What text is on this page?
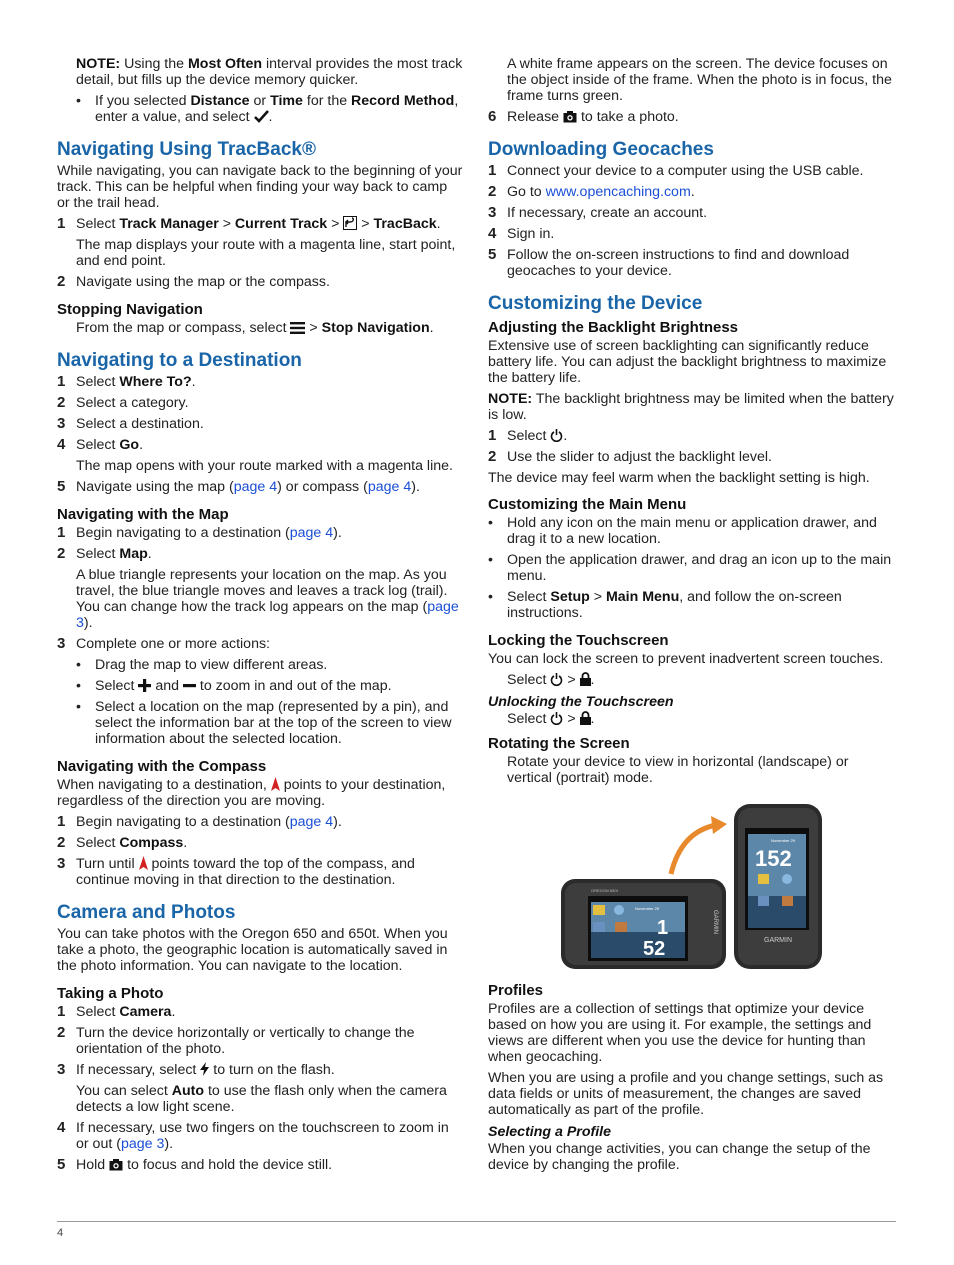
NOTE: Using the Most Often interval provides the most track detail, but fills up the device memory quicker.

• If you selected Distance or Time for the Record Method, enter a value, and select .
Navigating Using TracBack®

While navigating, you can navigate back to the beginning of your track. This can be helpful when finding your way back to camp or the trail head.

1 Select Track Manager > Current Track >  > TracBack.

The map displays your route with a magenta line, start point, and end point.

2 Navigate using the map or the compass.
Stopping Navigation

From the map or compass, select  > Stop Navigation.

Navigating to a Destination
1 Select Where To?.
2 Select a category.
3 Select a destination.
4 Select Go.

The map opens with your route marked with a magenta line.

5 Navigate using the map (page 4) or compass (page 4).
Navigating with the Map
1 Begin navigating to a destination (page 4).
2 Select Map.

A blue triangle represents your location on the map. As you travel, the blue triangle moves and leaves a track log (trail). You can change how the track log appears on the map (page 3).

3 Complete one or more actions:
• Drag the map to view different areas.
• Select  and  to zoom in and out of the map.
• Select a location on the map (represented by a pin), and select the information bar at the top of the screen to view information about the selected location.
Navigating with the Compass

When navigating to a destination,  points to your destination, regardless of the direction you are moving.

1 Begin navigating to a destination (page 4).
2 Select Compass.
3 Turn until  points toward the top of the compass, and continue moving in that direction to the destination.
Camera and Photos

You can take photos with the Oregon 650 and 650t. When you take a photo, the geographic location is automatically saved in the photo information. You can navigate to the location.

Taking a Photo
1 Select Camera.
2 Turn the device horizontally or vertically to change the orientation of the photo.
3 If necessary, select  to turn on the flash.

You can select Auto to use the flash only when the camera detects a low light scene.

4 If necessary, use two fingers on the touchscreen to zoom in or out (page 3).
5 Hold  to focus and hold the device still.

A white frame appears on the screen. The device focuses on the object inside of the frame. When the photo is in focus, the frame turns green.

6 Release  to take a photo.
Downloading Geocaches
1 Connect your device to a computer using the USB cable.
2 Go to www.opencaching.com.
3 If necessary, create an account.
4 Sign in.
5 Follow the on-screen instructions to find and download geocaches to your device.
Customizing the Device
Adjusting the Backlight Brightness

Extensive use of screen backlighting can significantly reduce battery life. You can adjust the backlight brightness to maximize the battery life.

NOTE: The backlight brightness may be limited when the battery is low.

1 Select .
2 Use the slider to adjust the backlight level.

The device may feel warm when the backlight setting is high.

Customizing the Main Menu
• Hold any icon on the main menu or application drawer, and drag it to a new location.
• Open the application drawer, and drag an icon up to the main menu.
• Select Setup > Main Menu, and follow the on-screen instructions.
Locking the Touchscreen

You can lock the screen to prevent inadvertent screen touches.

Select  > .

Unlocking the Touchscreen

Select  > .

Rotating the Screen

Rotate your device to view in horizontal (landscape) or vertical (portrait) mode.

November 29
1
52
OREGON 650t
GARMIN
November 29
152
GARMIN
Profiles

Profiles are a collection of settings that optimize your device based on how you are using it. For example, the settings and views are different when you use the device for hunting than when geocaching.

When you are using a profile and you change settings, such as data fields or units of measurement, the changes are saved automatically as part of the profile.

Selecting a Profile

When you change activities, you can change the setup of the device by changing the profile.

4
